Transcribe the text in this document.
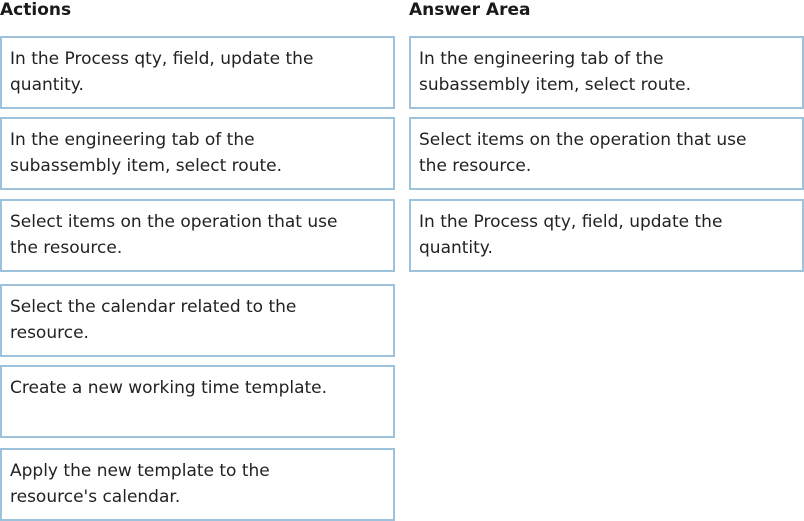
Actions	Answer Area
In the Process qty, field, update the
quantity.
In the engineering tab of the
subassembly item, select route.
Select items on the operation that use
the resource.
Select the calendar related to the
resource.
Create a new working time template.
Apply the new template to the
resource's calendar.
In the engineering tab of the
subassembly item, select route.
Select items on the operation that use
the resource.
In the Process qty, field, update the
quantity.
